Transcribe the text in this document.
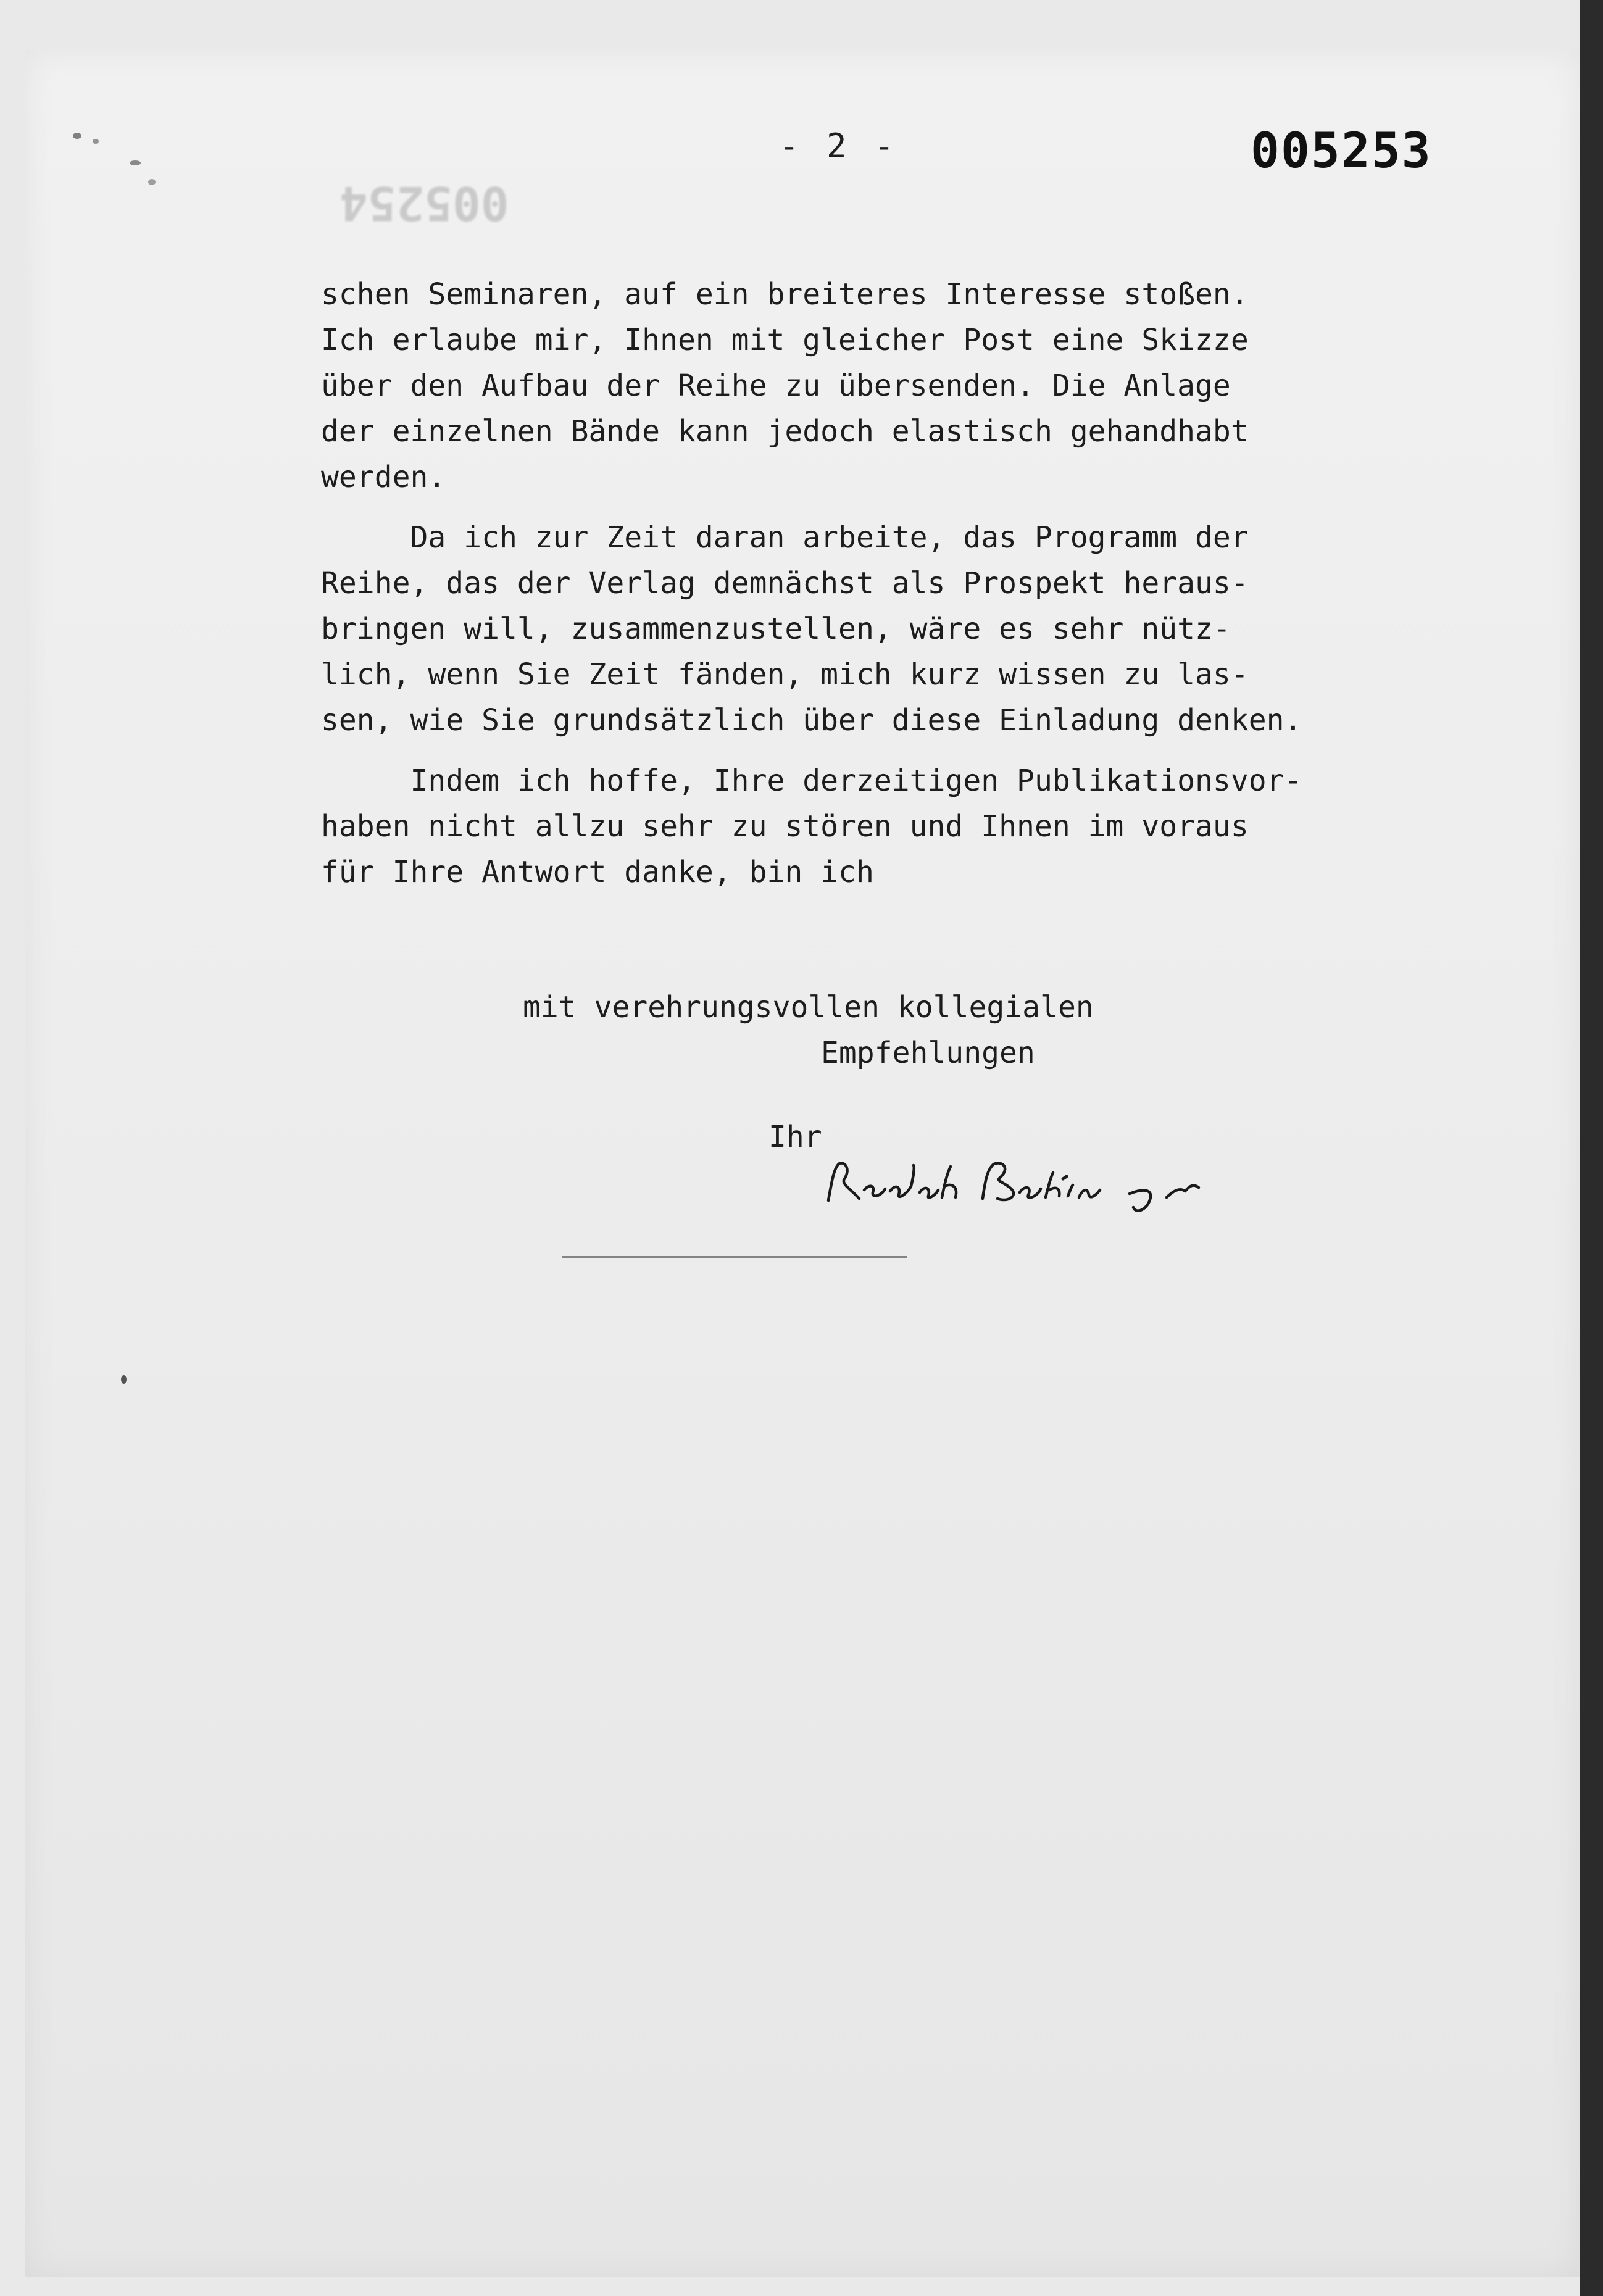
005254
- 2 -	005253
schen Seminaren, auf ein breiteres Interesse stoßen.
Ich erlaube mir, Ihnen mit gleicher Post eine Skizze
über den Aufbau der Reihe zu übersenden. Die Anlage
der einzelnen Bände kann jedoch elastisch gehandhabt
werden.
Da ich zur Zeit daran arbeite, das Programm der
Reihe, das der Verlag demnächst als Prospekt heraus-
bringen will, zusammenzustellen, wäre es sehr nütz-
lich, wenn Sie Zeit fänden, mich kurz wissen zu las-
sen, wie Sie grundsätzlich über diese Einladung denken.
Indem ich hoffe, Ihre derzeitigen Publikationsvor-
haben nicht allzu sehr zu stören und Ihnen im voraus
für Ihre Antwort danke, bin ich
mit verehrungsvollen kollegialen
Empfehlungen
Ihr
